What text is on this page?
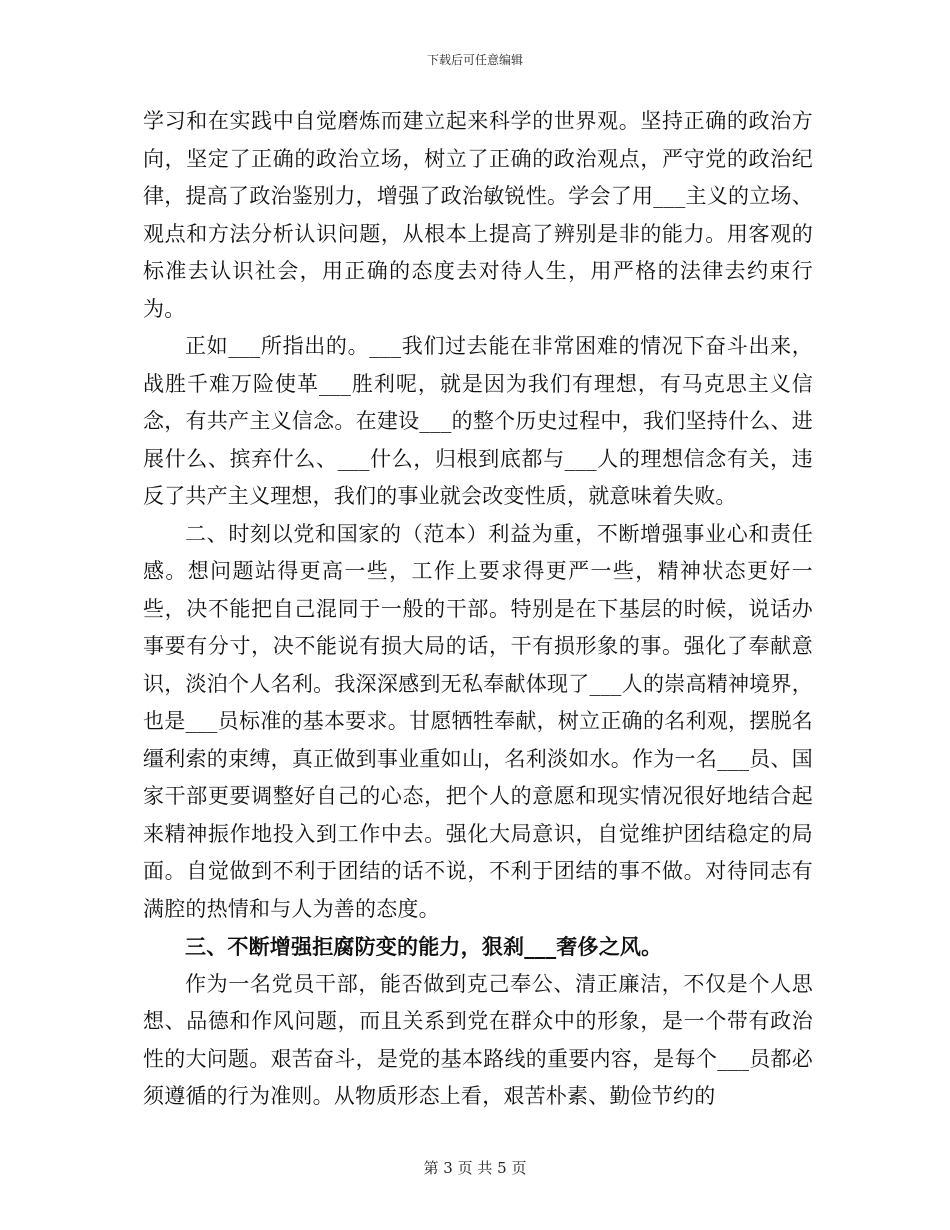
下载后可任意编辑

学习和在实践中自觉磨炼而建立起来科学的世界观。坚持正确的政治方向，坚定了正确的政治立场，树立了正确的政治观点，严守党的政治纪律，提高了政治鉴别力，增强了政治敏锐性。学会了用___主义的立场、观点和方法分析认识问题，从根本上提高了辨别是非的能力。用客观的标准去认识社会，用正确的态度去对待人生，用严格的法律去约束行为。

正如___所指出的。___我们过去能在非常困难的情况下奋斗出来，战胜千难万险使革___胜利呢，就是因为我们有理想，有马克思主义信念，有共产主义信念。在建设___的整个历史过程中，我们坚持什么、进展什么、摈弃什么、___什么，归根到底都与___人的理想信念有关，违反了共产主义理想，我们的事业就会改变性质，就意味着失败。

二、时刻以党和国家的（范本）利益为重，不断增强事业心和责任感。想问题站得更高一些，工作上要求得更严一些，精神状态更好一些，决不能把自己混同于一般的干部。特别是在下基层的时候，说话办事要有分寸，决不能说有损大局的话，干有损形象的事。强化了奉献意识，淡泊个人名利。我深深感到无私奉献体现了___人的崇高精神境界，也是___员标准的基本要求。甘愿牺牲奉献，树立正确的名利观，摆脱名缰利索的束缚，真正做到事业重如山，名利淡如水。作为一名___员、国家干部更要调整好自己的心态，把个人的意愿和现实情况很好地结合起来精神振作地投入到工作中去。强化大局意识，自觉维护团结稳定的局面。自觉做到不利于团结的话不说，不利于团结的事不做。对待同志有满腔的热情和与人为善的态度。

三、不断增强拒腐防变的能力，狠刹___奢侈之风。

作为一名党员干部，能否做到克己奉公、清正廉洁，不仅是个人思想、品德和作风问题，而且关系到党在群众中的形象，是一个带有政治性的大问题。艰苦奋斗，是党的基本路线的重要内容，是每个___员都必须遵循的行为准则。从物质形态上看，艰苦朴素、勤俭节约的

第 3 页 共 5 页
